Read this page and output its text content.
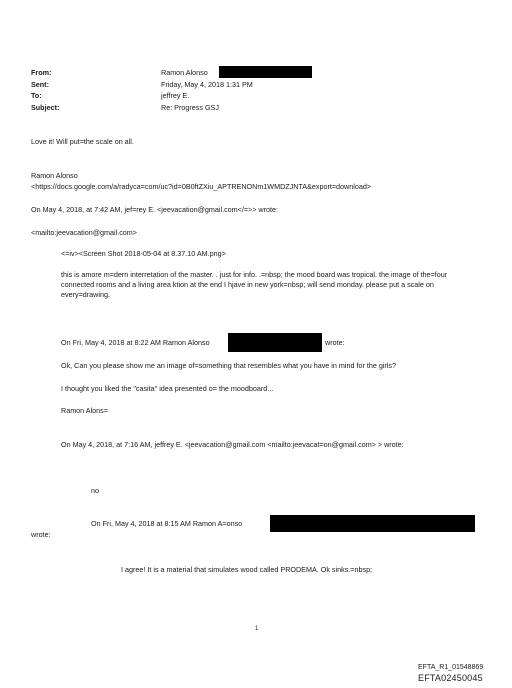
From:
Sent:
To:
Subject:
Ramon Alonso
Friday, May 4, 2018 1:31 PM
jeffrey E.
Re: Progress GSJ
Love it! Will put=the scale on all.
Ramon Alonso
<https://docs.google.com/a/radyca=com/uc?id=0B0ftZXiu_APTRENONm1WMDZJNTA&export=download>
On May 4, 2018, at 7:42 AM, jef=rey E. <jeevacation@gmail.com</=>> wrote:
<mailto:jeevacation@gmail.com>
<=iv><Screen Shot 2018-05-04 at 8.37.10 AM.png>
this is amore m=dern interretation of the master. . just for info. .=nbsp; the mood board was tropical. the image of the=four connected rooms and a living area ktion at the end I hjave in new york=nbsp; will send monday. please put a scale on every=drawing.
On Fri, May 4, 2018 at 8:22 AM Ramon Alonso	wrote:
Ok, Can you please show me an image of=something that resembles what you have in mind for the girls?
I thought you liked the "casita" idea presented o= the moodboard...
Ramon Alons=
On May 4, 2018, at 7:16 AM, jeffrey E. <jeevacation@gmail.com <mailto:jeevacat=on@gmail.com> > wrote:
no
On Fri, May 4, 2018 at 8:15 AM Ramon A=onso
wrote:
I agree! It is a material that simulates wood called PRODEMA. Ok sinks.=nbsp;
1
EFTA_R1_01548869
EFTA02450045
